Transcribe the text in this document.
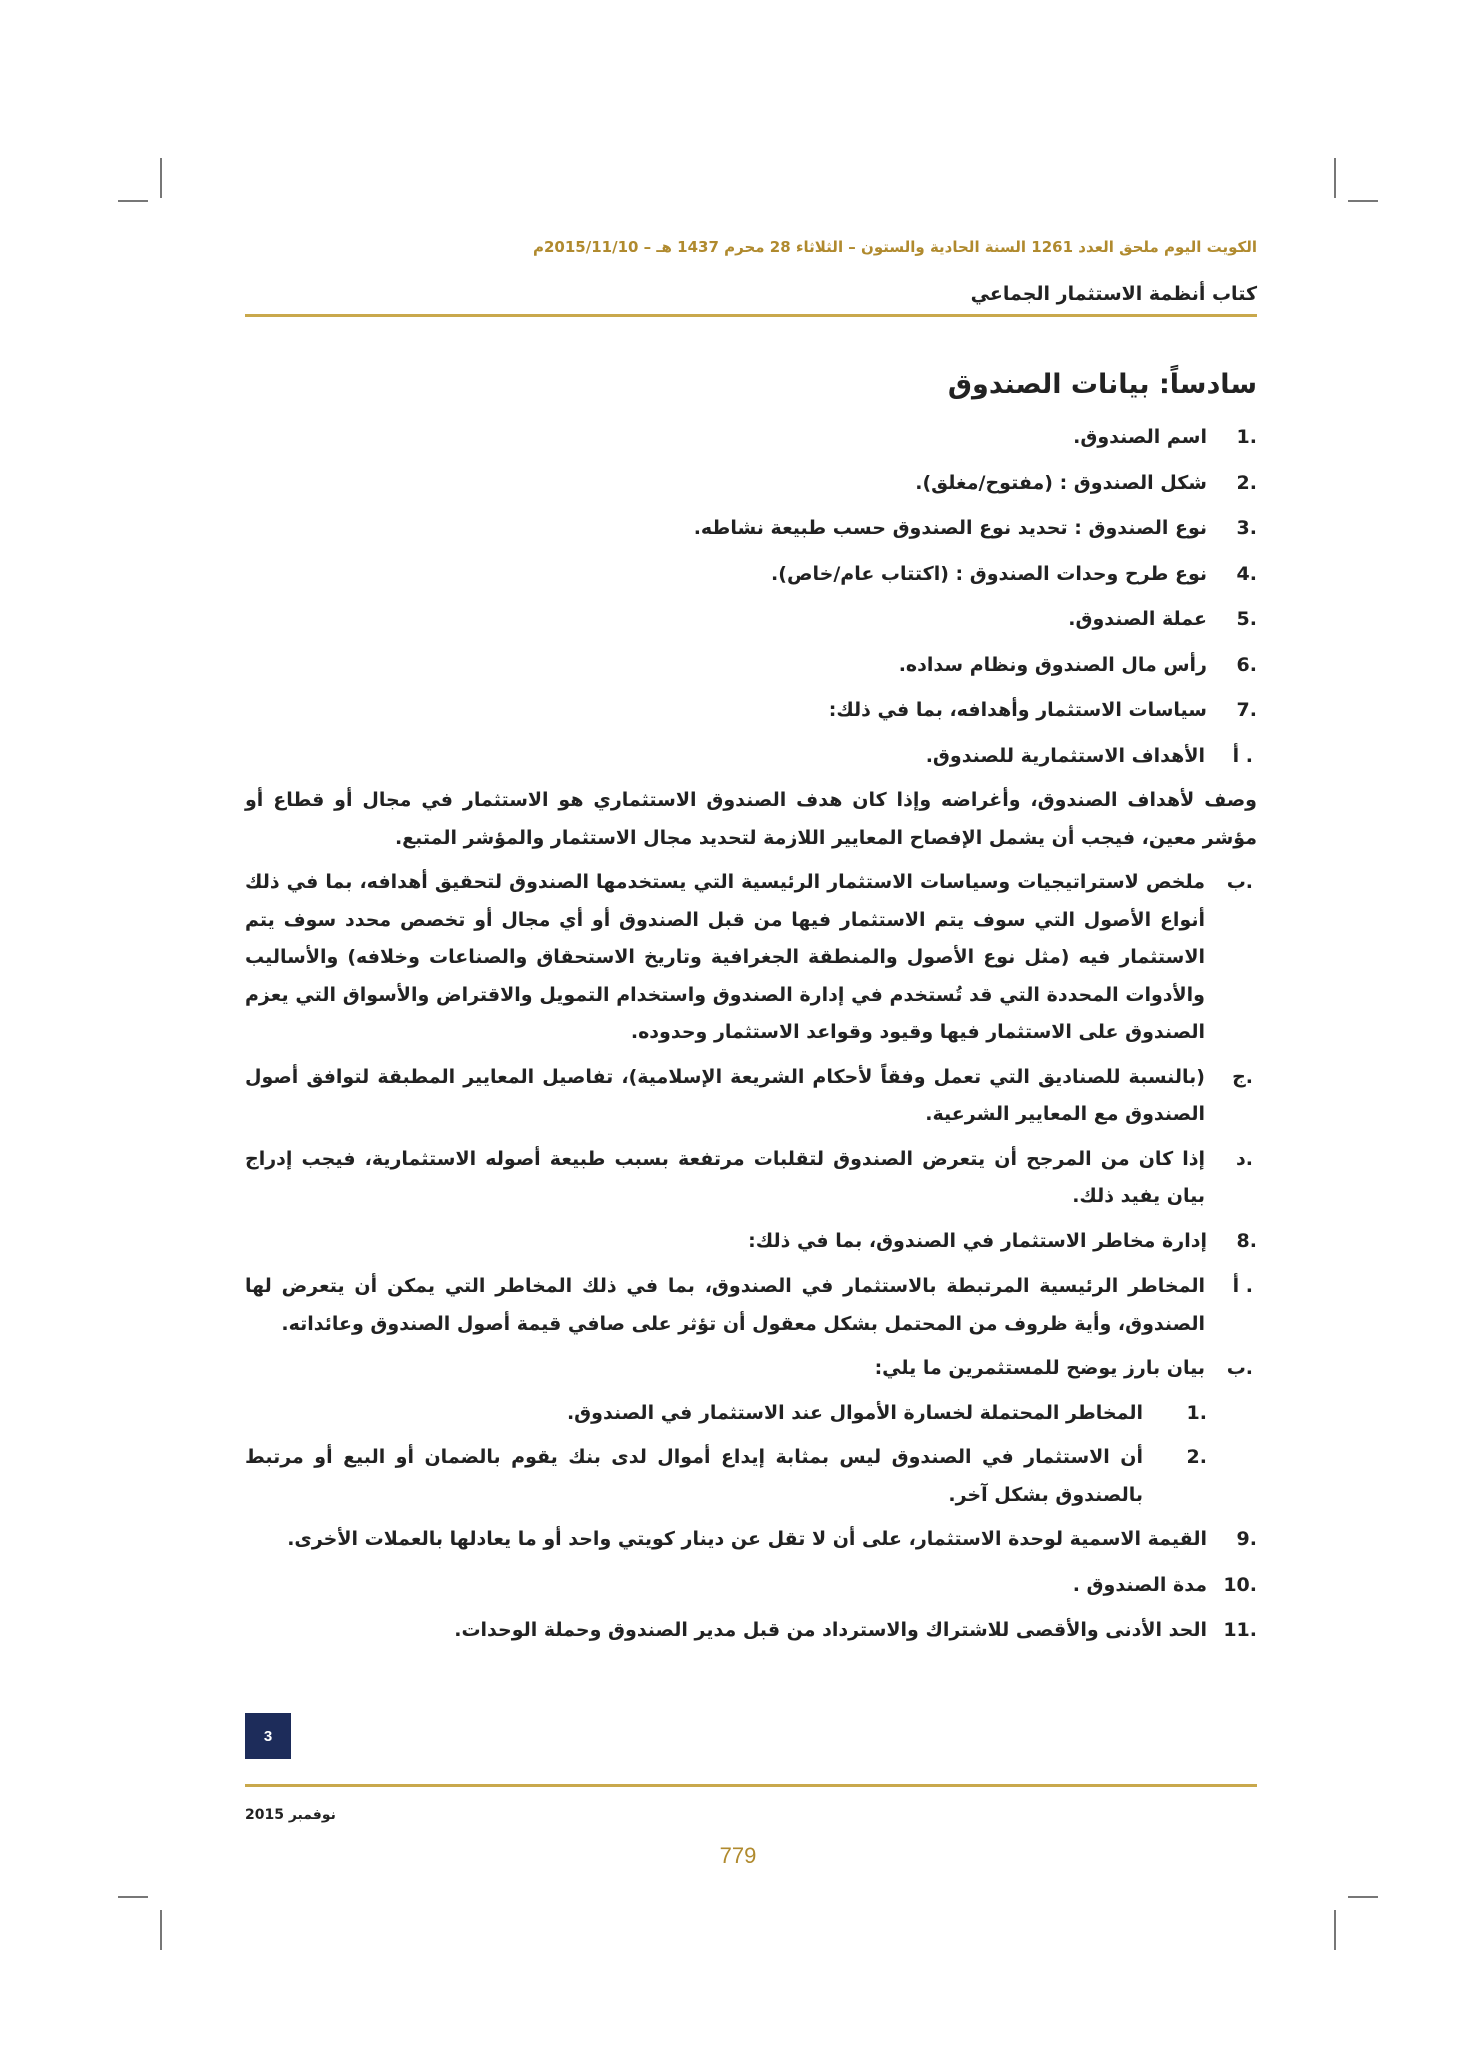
الكويت اليوم ملحق العدد 1261 السنة الحادية والستون – الثلاثاء 28 محرم 1437 هـ – 2015/11/10م
كتاب أنظمة الاستثمار الجماعي
سادساً: بيانات الصندوق
1.
اسم الصندوق.
2.
شكل الصندوق : (مفتوح/مغلق).
3.
نوع الصندوق : تحديد نوع الصندوق حسب طبيعة نشاطه.
4.
نوع طرح وحدات الصندوق : (اكتتاب عام/خاص).
5.
عملة الصندوق.
6.
رأس مال الصندوق ونظام سداده.
7.
سياسات الاستثمار وأهدافه، بما في ذلك:
أ .
الأهداف الاستثمارية للصندوق.
وصف لأهداف الصندوق، وأغراضه وإذا كان هدف الصندوق الاستثماري هو الاستثمار في مجال أو قطاع أو مؤشر معين، فيجب أن يشمل الإفصاح المعايير اللازمة لتحديد مجال الاستثمار والمؤشر المتبع.
ب.
ملخص لاستراتيجيات وسياسات الاستثمار الرئيسية التي يستخدمها الصندوق لتحقيق أهدافه، بما في ذلك أنواع الأصول التي سوف يتم الاستثمار فيها من قبل الصندوق أو أي مجال أو تخصص محدد سوف يتم الاستثمار فيه (مثل نوع الأصول والمنطقة الجغرافية وتاريخ الاستحقاق والصناعات وخلافه) والأساليب والأدوات المحددة التي قد تُستخدم في إدارة الصندوق واستخدام التمويل والاقتراض والأسواق التي يعزم الصندوق على الاستثمار فيها وقيود وقواعد الاستثمار وحدوده.
ج.
(بالنسبة للصناديق التي تعمل وفقاً لأحكام الشريعة الإسلامية)، تفاصيل المعايير المطبقة لتوافق أصول الصندوق مع المعايير الشرعية.
د.
إذا كان من المرجح أن يتعرض الصندوق لتقلبات مرتفعة بسبب طبيعة أصوله الاستثمارية، فيجب إدراج بيان يفيد ذلك.
8.
إدارة مخاطر الاستثمار في الصندوق، بما في ذلك:
أ .
المخاطر الرئيسية المرتبطة بالاستثمار في الصندوق، بما في ذلك المخاطر التي يمكن أن يتعرض لها الصندوق، وأية ظروف من المحتمل بشكل معقول أن تؤثر على صافي قيمة أصول الصندوق وعائداته.
ب.
بيان بارز يوضح للمستثمرين ما يلي:
1.
المخاطر المحتملة لخسارة الأموال عند الاستثمار في الصندوق.
2.
أن الاستثمار في الصندوق ليس بمثابة إيداع أموال لدى بنك يقوم بالضمان أو البيع أو مرتبط بالصندوق بشكل آخر.
9.
القيمة الاسمية لوحدة الاستثمار، على أن لا تقل عن دينار كويتي واحد أو ما يعادلها بالعملات الأخرى.
10.
مدة الصندوق .
11.
الحد الأدنى والأقصى للاشتراك والاسترداد من قبل مدير الصندوق وحملة الوحدات.
3
نوفمبر 2015
779
